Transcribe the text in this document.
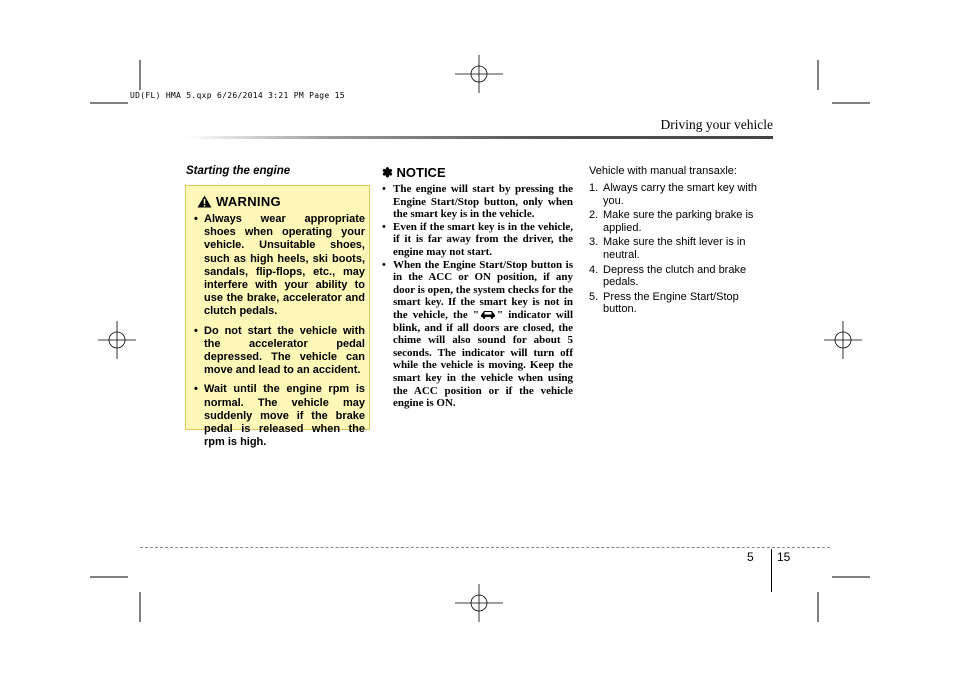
UD(FL) HMA 5.qxp 6/26/2014 3:21 PM Page 15
Driving your vehicle
Starting the engine
WARNING
• Always wear appropriate shoes when operating your vehicle. Unsuitable shoes, such as high heels, ski boots, sandals, flip-flops, etc., may interfere with your ability to use the brake, accelerator and clutch pedals.
• Do not start the vehicle with the accelerator pedal depressed. The vehicle can move and lead to an accident.
• Wait until the engine rpm is normal. The vehicle may suddenly move if the brake pedal is released when the rpm is high.
✽ NOTICE
• The engine will start by pressing the Engine Start/Stop button, only when the smart key is in the vehicle.
• Even if the smart key is in the vehicle, if it is far away from the driver, the engine may not start.
• When the Engine Start/Stop button is in the ACC or ON position, if any door is open, the system checks for the smart key. If the smart key is not in the vehicle, the " " indicator will blink, and if all doors are closed, the chime will also sound for about 5 seconds. The indicator will turn off while the vehicle is moving. Keep the smart key in the vehicle when using the ACC position or if the vehicle engine is ON.
Vehicle with manual transaxle:
1. Always carry the smart key with you.
2. Make sure the parking brake is applied.
3. Make sure the shift lever is in neutral.
4. Depress the clutch and brake pedals.
5. Press the Engine Start/Stop button.
5 15
